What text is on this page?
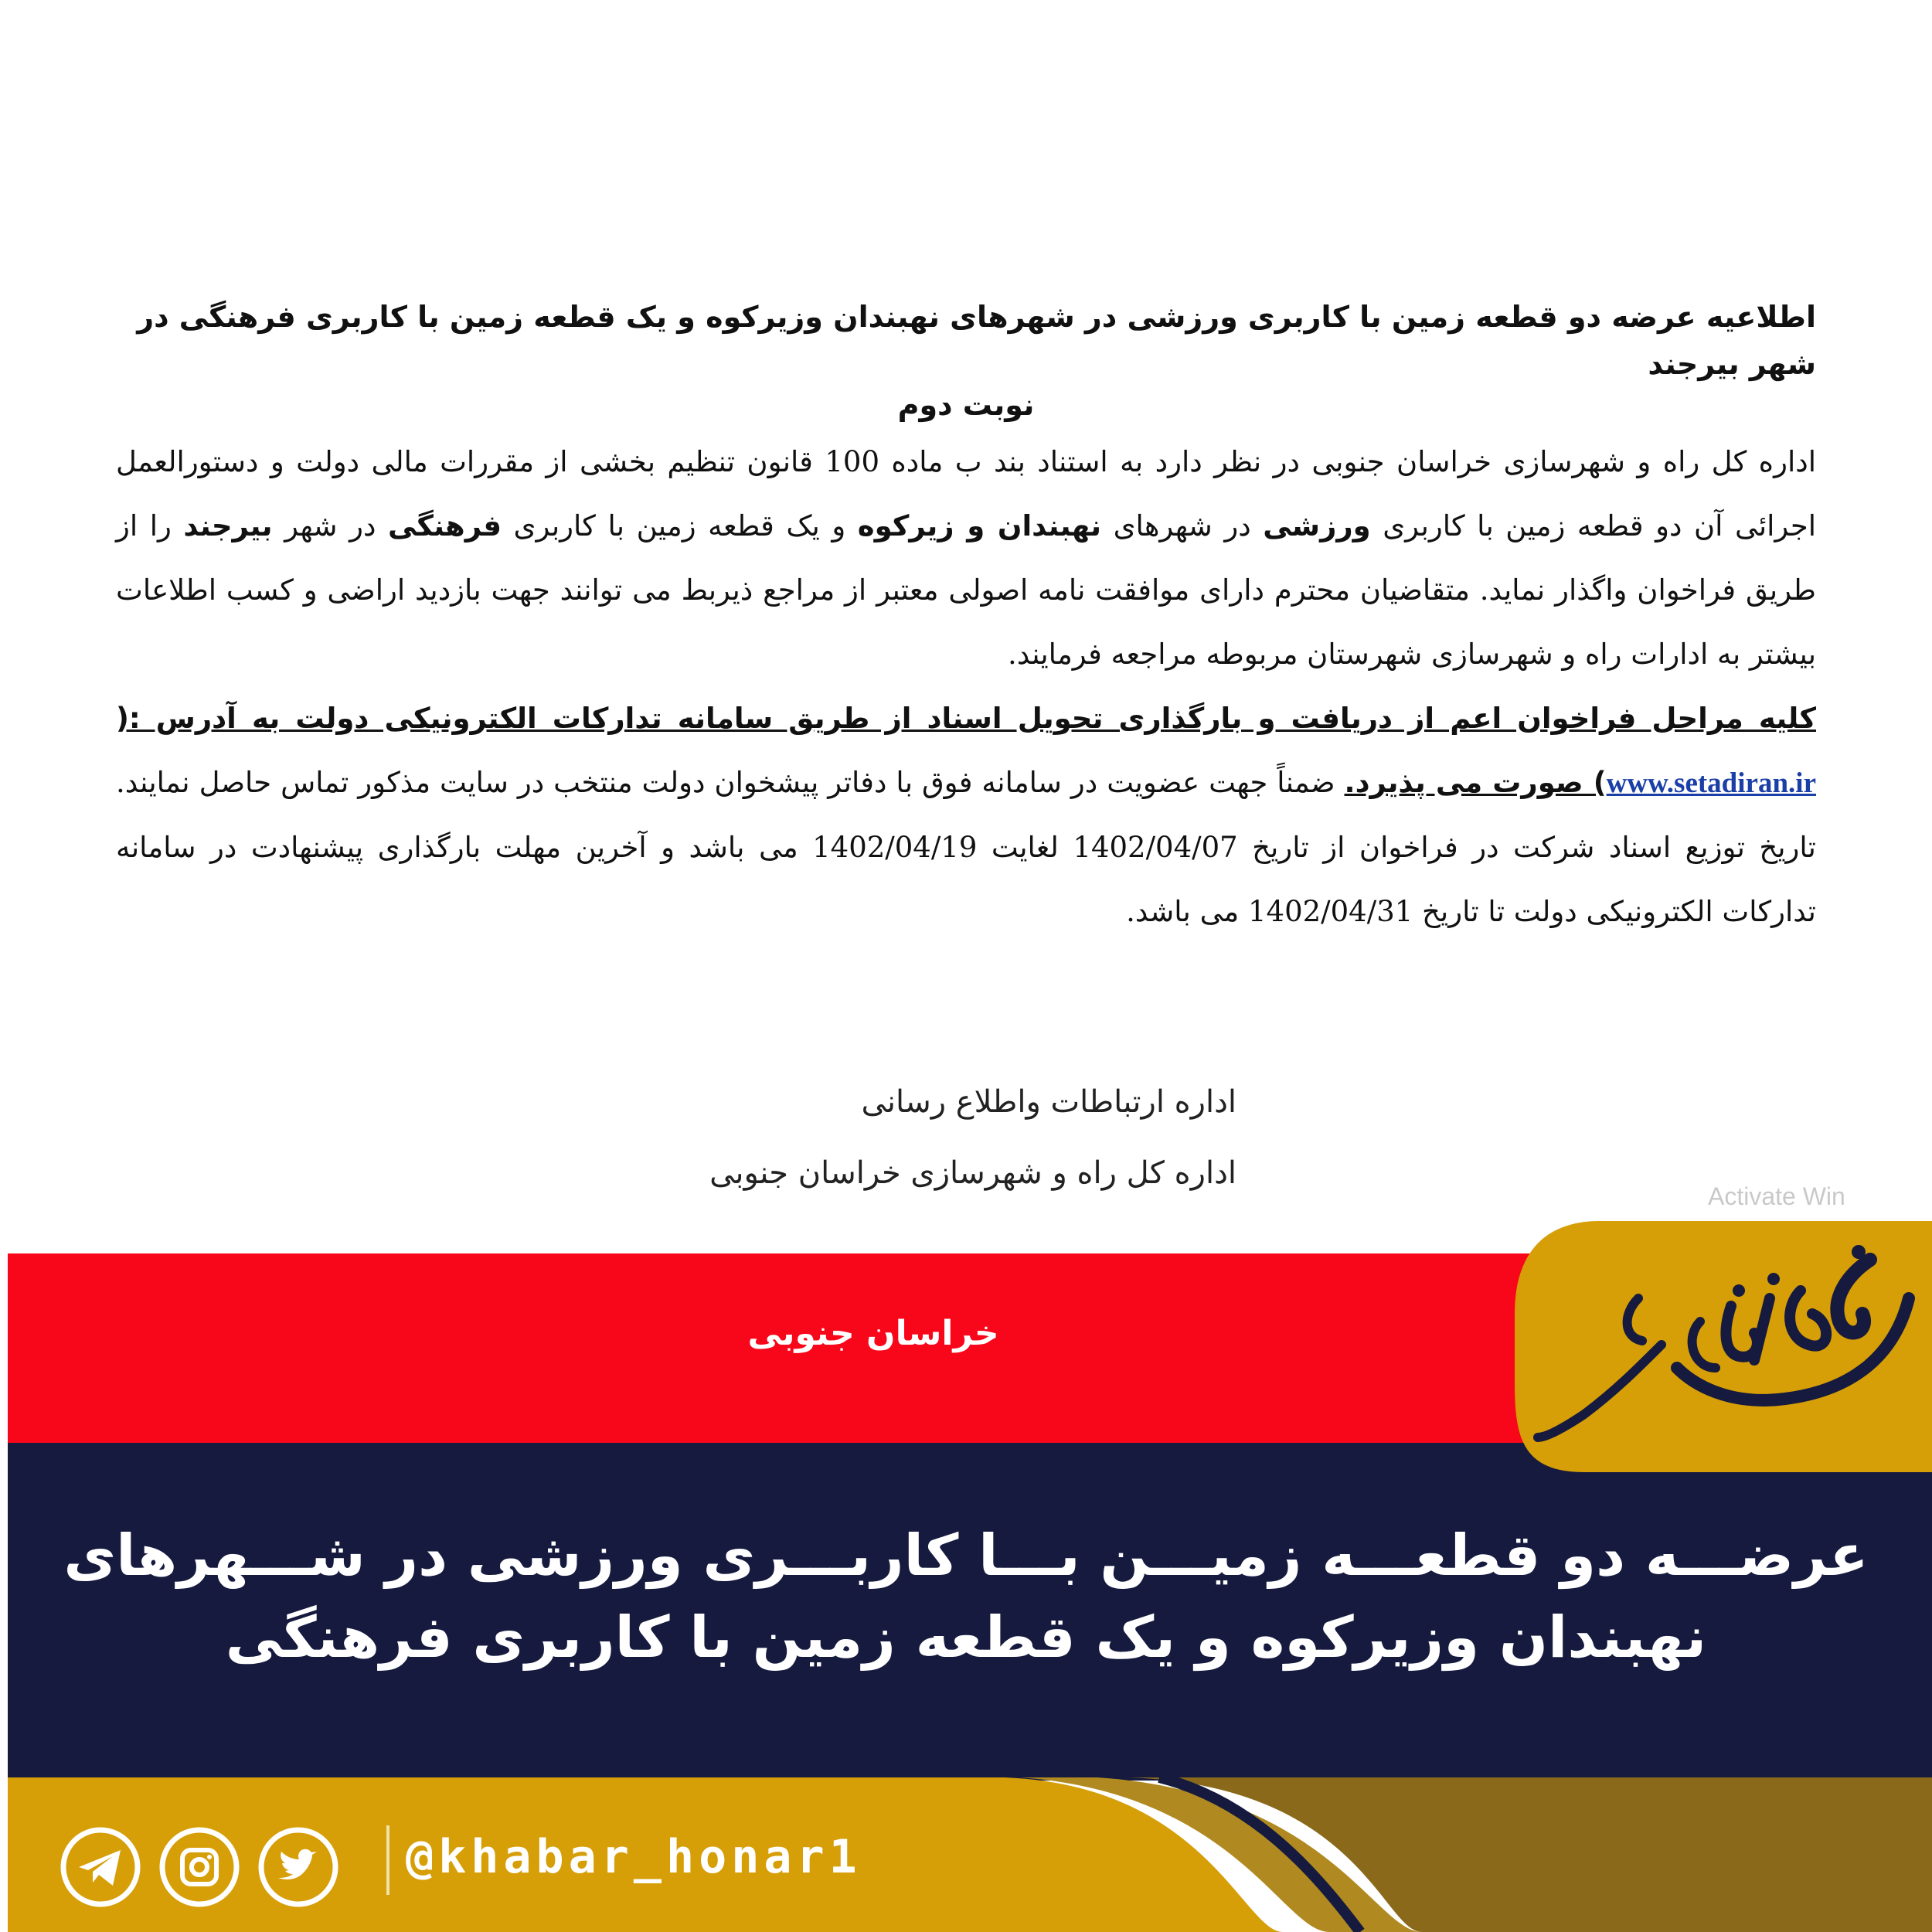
اطلاعیه عرضه دو قطعه زمین با کاربری ورزشی در شهرهای نهبندان وزیرکوه و یک قطعه زمین با کاربری فرهنگی در شهر بیرجند

نوبت دوم

اداره کل راه و شهرسازی خراسان جنوبی در نظر دارد به استناد بند ب ماده 100 قانون تنظیم بخشی از مقررات مالی دولت و دستورالعمل اجرائی آن دو قطعه زمین با کاربری ورزشی در شهرهای نهبندان و زیرکوه و یک قطعه زمین با کاربری فرهنگی در شهر بیرجند را از طریق فراخوان واگذار نماید. متقاضیان محترم دارای موافقت نامه اصولی معتبر از مراجع ذیربط می توانند جهت بازدید اراضی و کسب اطلاعات بیشتر به ادارات راه و شهرسازی شهرستان مربوطه مراجعه فرمایند.

کلیه مراحل فراخوان اعم از دریافت و بارگذاری تحویل اسناد از طریق سامانه تدارکات الکترونیکی دولت به آدرس :( www.setadiran.ir) صورت می پذیرد. ضمناً جهت عضویت در سامانه فوق با دفاتر پیشخوان دولت منتخب در سایت مذکور تماس حاصل نمایند. تاریخ توزیع اسناد شرکت در فراخوان از تاریخ 1402/04/07 لغایت 1402/04/19 می باشد و آخرین مهلت بارگذاری پیشنهادت در سامانه تدارکات الکترونیکی دولت تا تاریخ 1402/04/31 می باشد.

اداره ارتباطات واطلاع رسانی
اداره کل راه و شهرسازی خراسان جنوبی
Activate Win
خراسان جنوبی
عرضـــه دو قطعـــه زمیـــن بـــا کاربـــری ورزشی در شـــهرهای
نهبندان وزیرکوه و یک قطعه زمین با کاربری فرهنگی
@khabar_honar1
